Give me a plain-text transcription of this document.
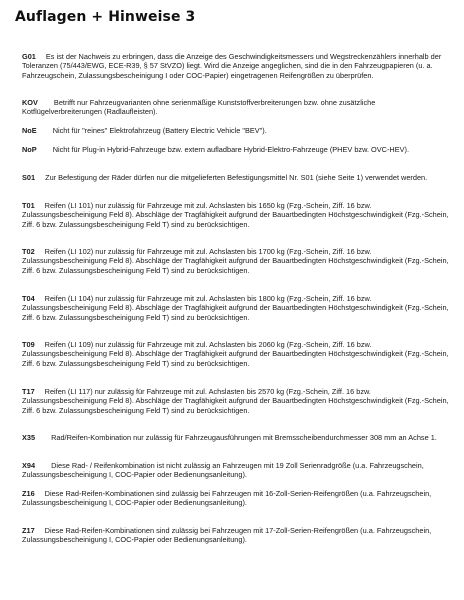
Auflagen + Hinweise 3

G01 Es ist der Nachweis zu erbringen, dass die Anzeige des Geschwindigkeitsmessers und Wegstreckenzählers innerhalb der Toleranzen (75/443/EWG, ECE-R39, § 57 StVZO) liegt. Wird die Anzeige angeglichen, sind die in den Fahrzeugpapieren (u. a. Fahrzeugschein, Zulassungsbescheinigung I oder COC-Papier) eingetragenen Reifengrößen zu überprüfen.

KOV Betrifft nur Fahrzeugvarianten ohne serienmäßige Kunststoffverbreiterungen bzw. ohne zusätzliche Kotflügelverbreiterungen (Radlaufleisten).

NoE Nicht für "reines" Elektrofahrzeug (Battery Electric Vehicle "BEV").

NoP Nicht für Plug-in Hybrid-Fahrzeuge bzw. extern aufladbare Hybrid-Elektro-Fahrzeuge (PHEV bzw. OVC-HEV).

S01 Zur Befestigung der Räder dürfen nur die mitgelieferten Befestigungsmittel Nr. S01 (siehe Seite 1) verwendet werden.

T01 Reifen (LI 101) nur zulässig für Fahrzeuge mit zul. Achslasten bis 1650 kg (Fzg.-Schein, Ziff. 16 bzw. Zulassungsbescheinigung Feld 8). Abschläge der Tragfähigkeit aufgrund der Bauartbedingten Höchstgeschwindigkeit (Fzg.-Schein, Ziff. 6 bzw. Zulassungsbescheinigung Feld T) sind zu berücksichtigen.

T02 Reifen (LI 102) nur zulässig für Fahrzeuge mit zul. Achslasten bis 1700 kg (Fzg.-Schein, Ziff. 16 bzw. Zulassungsbescheinigung Feld 8). Abschläge der Tragfähigkeit aufgrund der Bauartbedingten Höchstgeschwindigkeit (Fzg.-Schein, Ziff. 6 bzw. Zulassungsbescheinigung Feld T) sind zu berücksichtigen.

T04 Reifen (LI 104) nur zulässig für Fahrzeuge mit zul. Achslasten bis 1800 kg (Fzg.-Schein, Ziff. 16 bzw. Zulassungsbescheinigung Feld 8). Abschläge der Tragfähigkeit aufgrund der Bauartbedingten Höchstgeschwindigkeit (Fzg.-Schein, Ziff. 6 bzw. Zulassungsbescheinigung Feld T) sind zu berücksichtigen.

T09 Reifen (LI 109) nur zulässig für Fahrzeuge mit zul. Achslasten bis 2060 kg (Fzg.-Schein, Ziff. 16 bzw. Zulassungsbescheinigung Feld 8). Abschläge der Tragfähigkeit aufgrund der Bauartbedingten Höchstgeschwindigkeit (Fzg.-Schein, Ziff. 6 bzw. Zulassungsbescheinigung Feld T) sind zu berücksichtigen.

T17 Reifen (LI 117) nur zulässig für Fahrzeuge mit zul. Achslasten bis 2570 kg (Fzg.-Schein, Ziff. 16 bzw. Zulassungsbescheinigung Feld 8). Abschläge der Tragfähigkeit aufgrund der Bauartbedingten Höchstgeschwindigkeit (Fzg.-Schein, Ziff. 6 bzw. Zulassungsbescheinigung Feld T) sind zu berücksichtigen.

X35 Rad/Reifen-Kombination nur zulässig für Fahrzeugausführungen mit Bremsscheibendurchmesser 308 mm an Achse 1.

X94 Diese Rad- / Reifenkombination ist nicht zulässig an Fahrzeugen mit 19 Zoll Serienradgröße (u.a. Fahrzeugschein, Zulassungsbescheinigung I, COC-Papier oder Bedienungsanleitung).

Z16 Diese Rad-Reifen-Kombinationen sind zulässig bei Fahrzeugen mit 16-Zoll-Serien-Reifengrößen (u.a. Fahrzeugschein, Zulassungsbescheinigung I, COC-Papier oder Bedienungsanleitung).

Z17 Diese Rad-Reifen-Kombinationen sind zulässig bei Fahrzeugen mit 17-Zoll-Serien-Reifengrößen (u.a. Fahrzeugschein, Zulassungsbescheinigung I, COC-Papier oder Bedienungsanleitung).
